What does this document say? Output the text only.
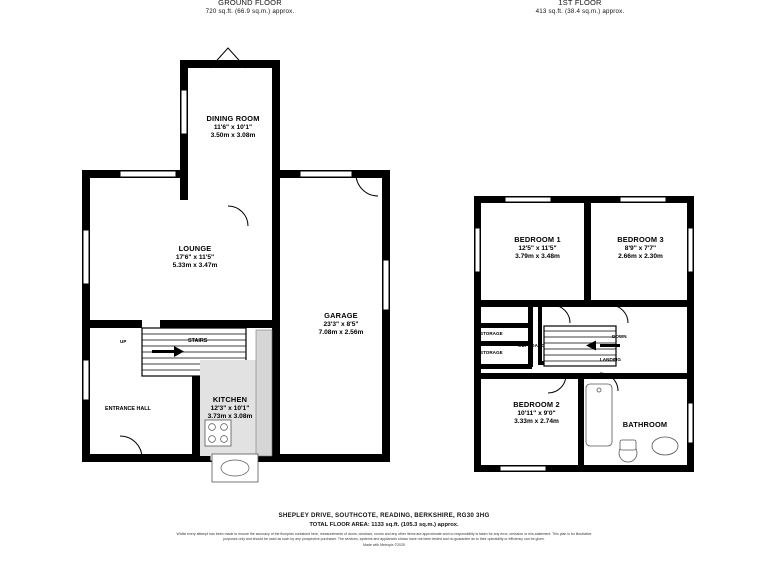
GROUND FLOOR
720 sq.ft. (66.9 sq.m.) approx.
1ST FLOOR
413 sq.ft. (38.4 sq.m.) approx.
DINING ROOM
11'6" x 10'1"
3.50m x 3.08m
LOUNGE
17'6" x 11'5"
5.33m x 3.47m
GARAGE
23'3" x 8'5"
7.08m x 2.56m
KITCHEN
12'3" x 10'1"
3.73m x 3.08m
ENTRANCE HALL
STAIRS
UP
BEDROOM 1
12'5" x 11'5"
3.79m x 3.48m
BEDROOM 3
8'9" x 7'7"
2.66m x 2.30m
BEDROOM 2
10'11" x 9'0"
3.33m x 2.74m	BATHROOM
STORAGE
STORAGE
CUPBOARD
LANDING
DOWN
SHEPLEY DRIVE, SOUTHCOTE, READING, BERKSHIRE, RG30 3HG
TOTAL FLOOR AREA: 1133 sq.ft. (105.3 sq.m.) approx.
Whilst every attempt has been made to ensure the accuracy of the floorplan contained here, measurements of doors, windows, rooms and any other items are approximate and no responsibility is taken for any error, omission or mis-statement. This plan is for illustrative purposes only and should be used as such by any prospective purchaser. The services, systems and appliances shown have not been tested and no guarantee as to their operability or efficiency can be given.
Made with Metropix ©2025
